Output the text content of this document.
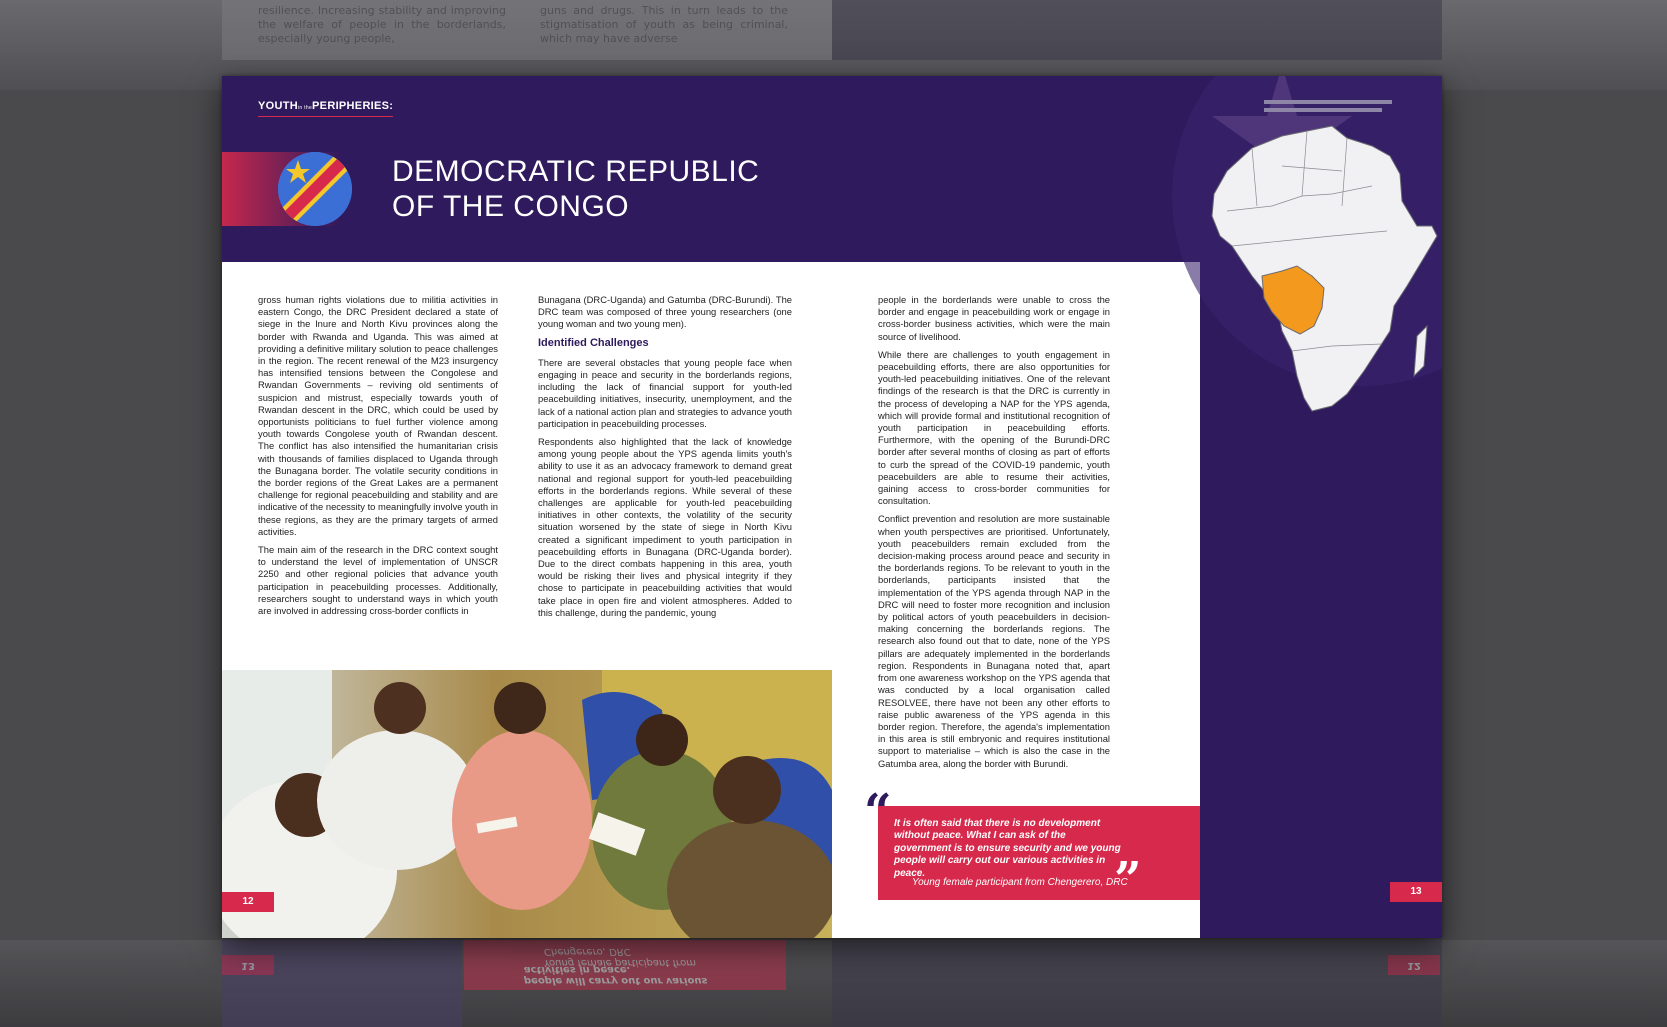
resilience. Increasing stability and improving the welfare of people in the borderlands, especially young people,
guns and drugs. This in turn leads to the stigmatisation of youth as being criminal, which may have adverse
13	Young female participant from Chengerero, DRC
people will carry out our various activities in peace.	12
YOUTHin thePERIPHERIES:
DEMOCRATIC REPUBLIC
OF THE CONGO

gross human rights violations due to militia activities in eastern Congo, the DRC President declared a state of siege in the Inure and North Kivu provinces along the border with Rwanda and Uganda. This was aimed at providing a definitive military solution to peace challenges in the region. The recent renewal of the M23 insurgency has intensified tensions between the Congolese and Rwandan Governments – reviving old sentiments of suspicion and mistrust, especially towards youth of Rwandan descent in the DRC, which could be used by opportunists politicians to fuel further violence among youth towards Congolese youth of Rwandan descent. The conflict has also intensified the humanitarian crisis with thousands of families displaced to Uganda through the Bunagana border. The volatile security conditions in the border regions of the Great Lakes are a permanent challenge for regional peacebuilding and stability and are indicative of the necessity to meaningfully involve youth in these regions, as they are the primary targets of armed activities.

The main aim of the research in the DRC context sought to understand the level of implementation of UNSCR 2250 and other regional policies that advance youth participation in peacebuilding processes. Additionally, researchers sought to understand ways in which youth are involved in addressing cross-border conflicts in

Bunagana (DRC-Uganda) and Gatumba (DRC-Burundi). The DRC team was composed of three young researchers (one young woman and two young men).

Identified Challenges

There are several obstacles that young people face when engaging in peace and security in the borderlands regions, including the lack of financial support for youth-led peacebuilding initiatives, insecurity, unemployment, and the lack of a national action plan and strategies to advance youth participation in peacebuilding processes.

Respondents also highlighted that the lack of knowledge among young people about the YPS agenda limits youth's ability to use it as an advocacy framework to demand great national and regional support for youth-led peacebuilding efforts in the borderlands regions. While several of these challenges are applicable for youth-led peacebuilding initiatives in other contexts, the volatility of the security situation worsened by the state of siege in North Kivu created a significant impediment to youth participation in peacebuilding efforts in Bunagana (DRC-Uganda border). Due to the direct combats happening in this area, youth would be risking their lives and physical integrity if they chose to participate in peacebuilding activities that would take place in open fire and violent atmospheres. Added to this challenge, during the pandemic, young

12

people in the borderlands were unable to cross the border and engage in peacebuilding work or engage in cross-border business activities, which were the main source of livelihood.

While there are challenges to youth engagement in peacebuilding efforts, there are also opportunities for youth-led peacebuilding initiatives. One of the relevant findings of the research is that the DRC is currently in the process of developing a NAP for the YPS agenda, which will provide formal and institutional recognition of youth participation in peacebuilding efforts. Furthermore, with the opening of the Burundi-DRC border after several months of closing as part of efforts to curb the spread of the COVID-19 pandemic, youth peacebuilders are able to resume their activities, gaining access to cross-border communities for consultation.

Conflict prevention and resolution are more sustainable when youth perspectives are prioritised. Unfortunately, youth peacebuilders remain excluded from the decision-making process around peace and security in the borderlands regions. To be relevant to youth in the borderlands, participants insisted that the implementation of the YPS agenda through NAP in the DRC will need to foster more recognition and inclusion by political actors of youth peacebuilders in decision-making concerning the borderlands regions. The research also found out that to date, none of the YPS pillars are adequately implemented in the borderlands region. Respondents in Bunagana noted that, apart from one awareness workshop on the YPS agenda that was conducted by a local organisation called RESOLVEE, there have not been any other efforts to raise public awareness of the YPS agenda in this border region. Therefore, the agenda's implementation in this area is still embryonic and requires institutional support to materialise – which is also the case in the Gatumba area, along the border with Burundi.

It is often said that there is no development without peace. What I can ask of the government is to ensure security and we young people will carry out our various activities in peace.
Young female participant from Chengerero, DRC
“
”	13
